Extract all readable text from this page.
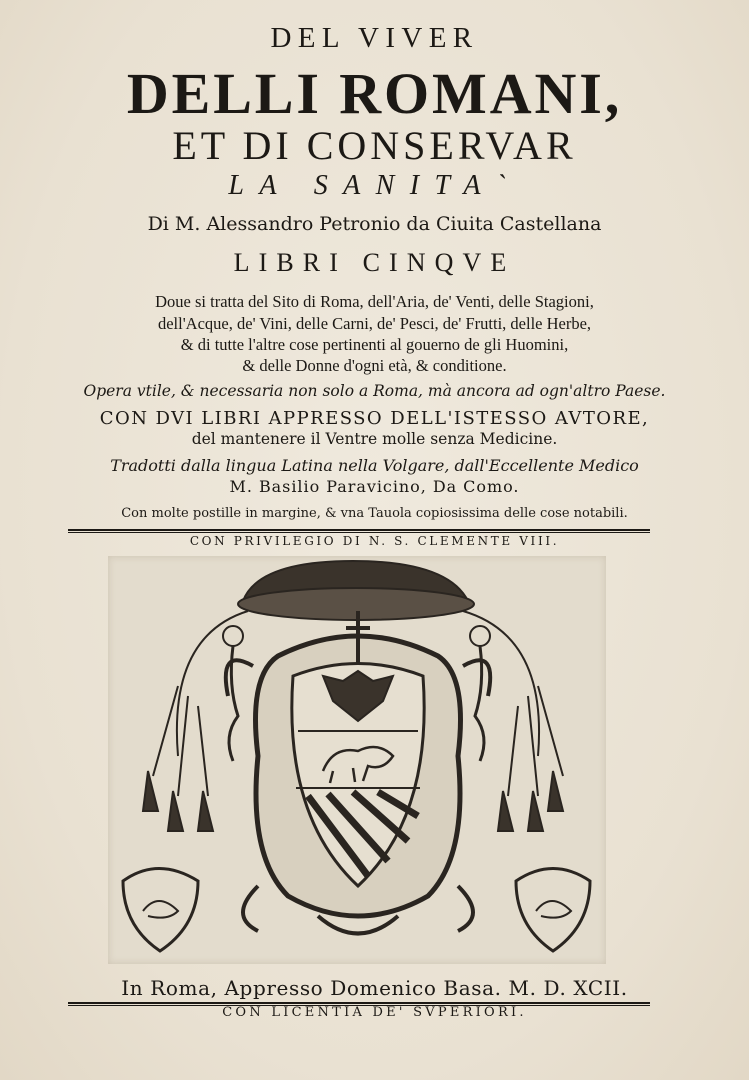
DEL VIVER
DELLI ROMANI,
ET DI CONSERVAR
LA SANITA`
Di M. Alessandro Petronio da Ciuita Castellana
LIBRI CINQVE
Doue si tratta del Sito di Roma, dell'Aria, de' Venti, delle Stagioni,
dell'Acque, de' Vini, delle Carni, de' Pesci, de' Frutti, delle Herbe,
& di tutte l'altre cose pertinenti al gouerno de gli Huomini,
& delle Donne d'ogni età, & conditione.
Opera vtile, & necessaria non solo a Roma, mà ancora ad ogn'altro Paese.
CON DVI LIBRI APPRESSO DELL'ISTESSO AVTORE,
del mantenere il Ventre molle senza Medicine.
Tradotti dalla lingua Latina nella Volgare, dall'Eccellente Medico
M. Basilio Paravicino, Da Como.
Con molte postille in margine, & vna Tauola copiosissima delle cose notabili.
CON PRIVILEGIO DI N. S. CLEMENTE VIII.
In Roma, Appresso Domenico Basa. M. D. XCII.
CON LICENTIA DE' SVPERIORI.
